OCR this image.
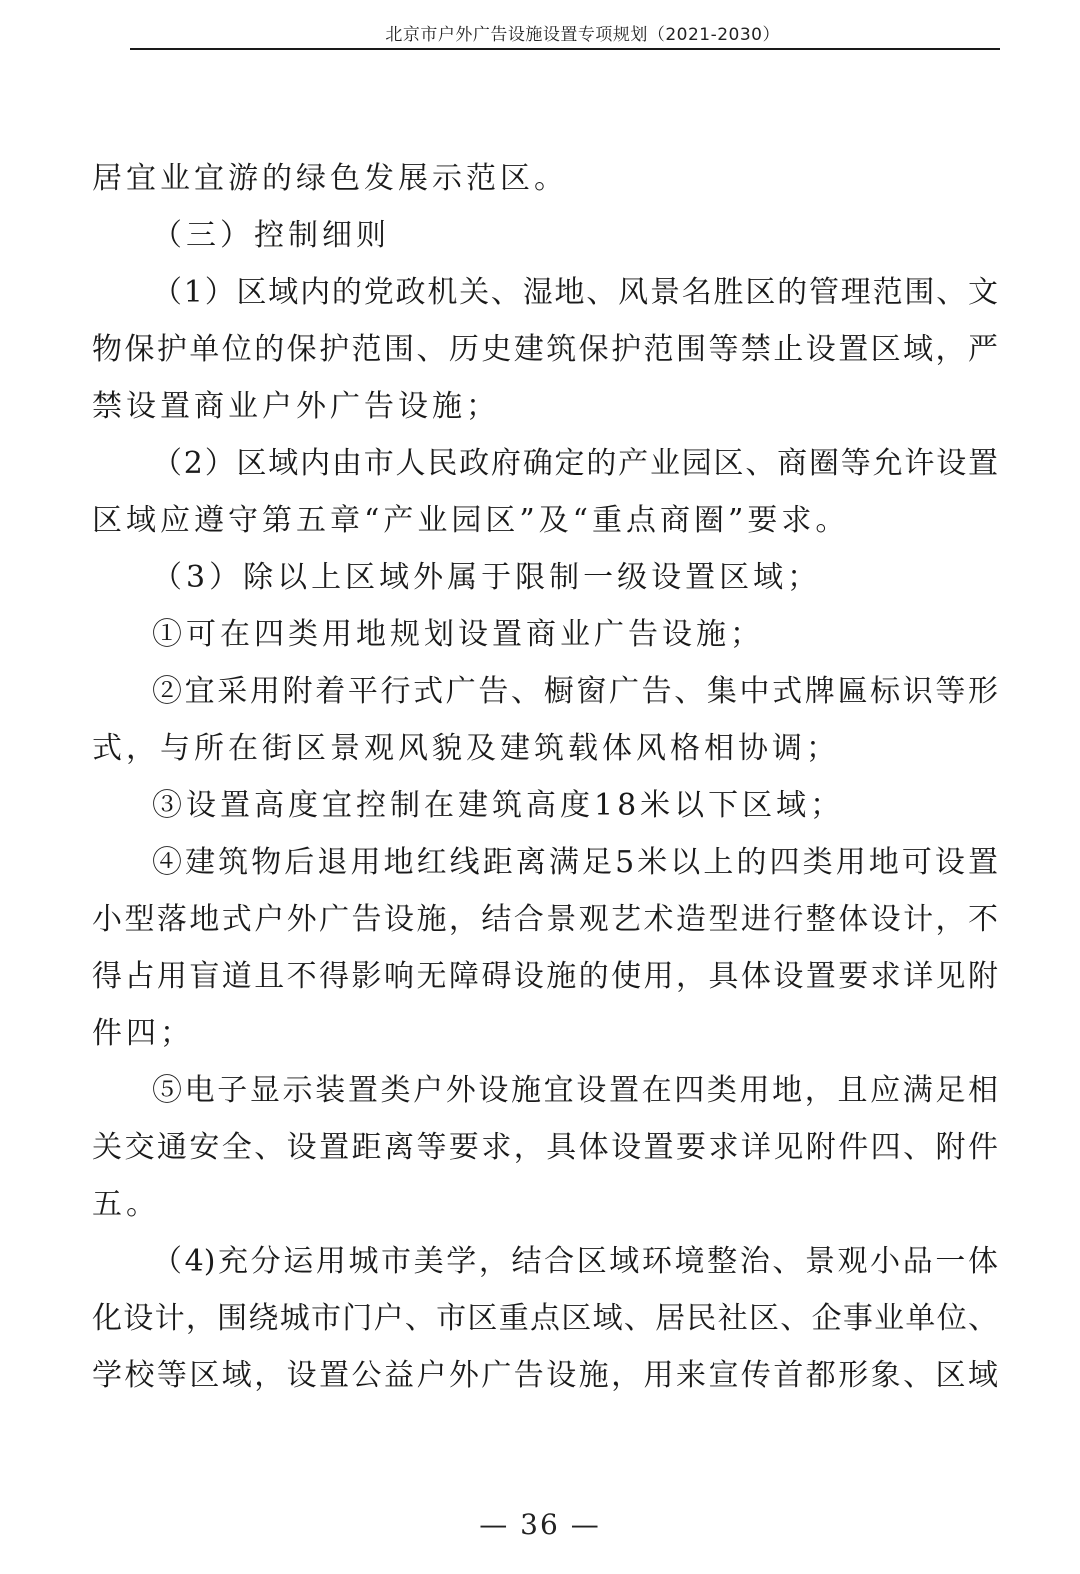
北京市户外广告设施设置专项规划（2021-2030）
居宜业宜游的绿色发展示范区。
（三）控制细则
（1）区域内的党政机关、湿地、风景名胜区的管理范围、文
物保护单位的保护范围、历史建筑保护范围等禁止设置区域，严
禁设置商业户外广告设施；
（2）区域内由市人民政府确定的产业园区、商圈等允许设置
区域应遵守第五章“产业园区”及“重点商圈”要求。
（3）除以上区域外属于限制一级设置区域；
①可在四类用地规划设置商业广告设施；
②宜采用附着平行式广告、橱窗广告、集中式牌匾标识等形
式，与所在街区景观风貌及建筑载体风格相协调；
③设置高度宜控制在建筑高度18米以下区域；
④建筑物后退用地红线距离满足5米以上的四类用地可设置
小型落地式户外广告设施，结合景观艺术造型进行整体设计，不
得占用盲道且不得影响无障碍设施的使用，具体设置要求详见附
件四；
⑤电子显示装置类户外设施宜设置在四类用地，且应满足相
关交通安全、设置距离等要求，具体设置要求详见附件四、附件
五。
（4)充分运用城市美学，结合区域环境整治、景观小品一体
化设计，围绕城市门户、市区重点区域、居民社区、企事业单位、
学校等区域，设置公益户外广告设施，用来宣传首都形象、区域
— 36 —
